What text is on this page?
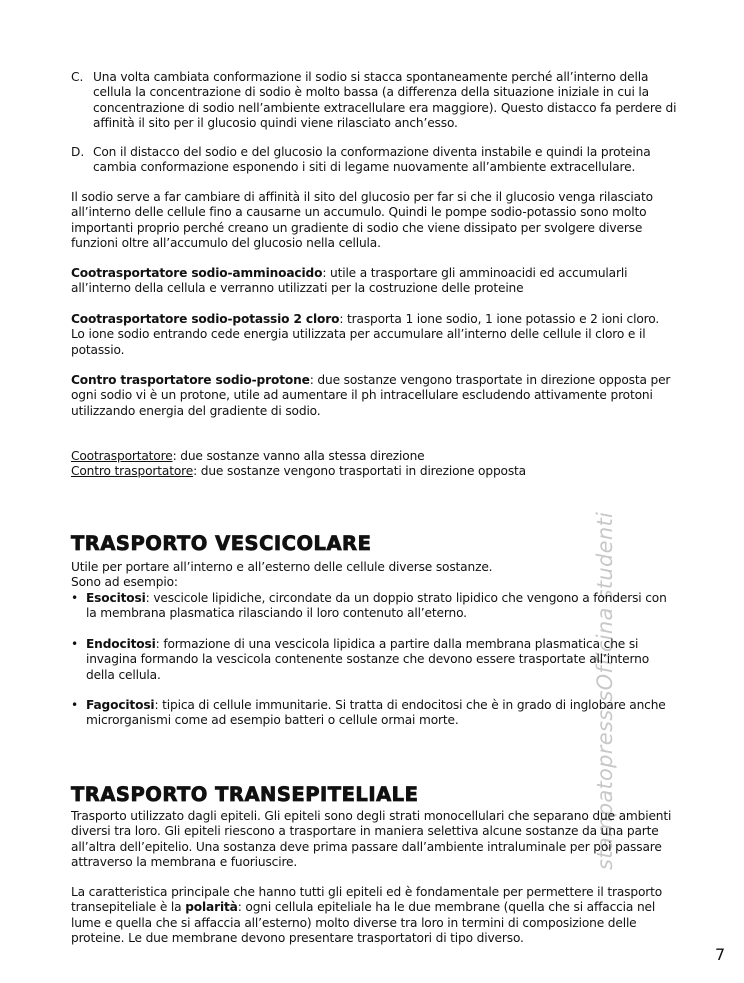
C. Una volta cambiata conformazione il sodio si stacca spontaneamente perché all’interno della cellula la concentrazione di sodio è molto bassa (a differenza della situazione iniziale in cui la concentrazione di sodio nell’ambiente extracellulare era maggiore). Questo distacco fa perdere di affinità il sito per il glucosio quindi viene rilasciato anch’esso.
D. Con il distacco del sodio e del glucosio la conformazione diventa instabile e quindi la proteina cambia conformazione esponendo i siti di legame nuovamente all’ambiente extracellulare.
Il sodio serve a far cambiare di affinità il sito del glucosio per far si che il glucosio venga rilasciato all’interno delle cellule fino a causarne un accumulo. Quindi le pompe sodio-potassio sono molto importanti proprio perché creano un gradiente di sodio che viene dissipato per svolgere diverse funzioni oltre all’accumulo del glucosio nella cellula.
Cootrasportatore sodio-amminoacido: utile a trasportare gli amminoacidi ed accumularli all’interno della cellula e verranno utilizzati per la costruzione delle proteine
Cootrasportatore sodio-potassio 2 cloro: trasporta 1 ione sodio, 1 ione potassio e 2 ioni cloro. Lo ione sodio entrando cede energia utilizzata per accumulare all’interno delle cellule il cloro e il potassio.
Contro trasportatore sodio-protone: due sostanze vengono trasportate in direzione opposta per ogni sodio vi è un protone, utile ad aumentare il ph intracellulare escludendo attivamente protoni utilizzando energia del gradiente di sodio.
Cootrasportatore: due sostanze vanno alla stessa direzione
Contro trasportatore: due sostanze vengono trasportati in direzione opposta
stampatopress-sOfficina studenti
TRASPORTO VESCICOLARE
Utile per portare all’interno e all’esterno delle cellule diverse sostanze.
Sono ad esempio:
• Esocitosi: vescicole lipidiche, circondate da un doppio strato lipidico che vengono a fondersi con la membrana plasmatica rilasciando il loro contenuto all’eterno.
• Endocitosi: formazione di una vescicola lipidica a partire dalla membrana plasmatica che si invagina formando la vescicola contenente sostanze che devono essere trasportate all’interno della cellula.
• Fagocitosi: tipica di cellule immunitarie. Si tratta di endocitosi che è in grado di inglobare anche microrganismi come ad esempio batteri o cellule ormai morte.
TRASPORTO TRANSEPITELIALE
Trasporto utilizzato dagli epiteli. Gli epiteli sono degli strati monocellulari che separano due ambienti diversi tra loro. Gli epiteli riescono a trasportare in maniera selettiva alcune sostanze da una parte all’altra dell’epitelio. Una sostanza deve prima passare dall’ambiente intraluminale per poi passare attraverso la membrana e fuoriuscire.
La caratteristica principale che hanno tutti gli epiteli ed è fondamentale per permettere il trasporto transepiteliale è la polarità: ogni cellula epiteliale ha le due membrane (quella che si affaccia nel lume e quella che si affaccia all’esterno) molto diverse tra loro in termini di composizione delle proteine. Le due membrane devono presentare trasportatori di tipo diverso.
7
